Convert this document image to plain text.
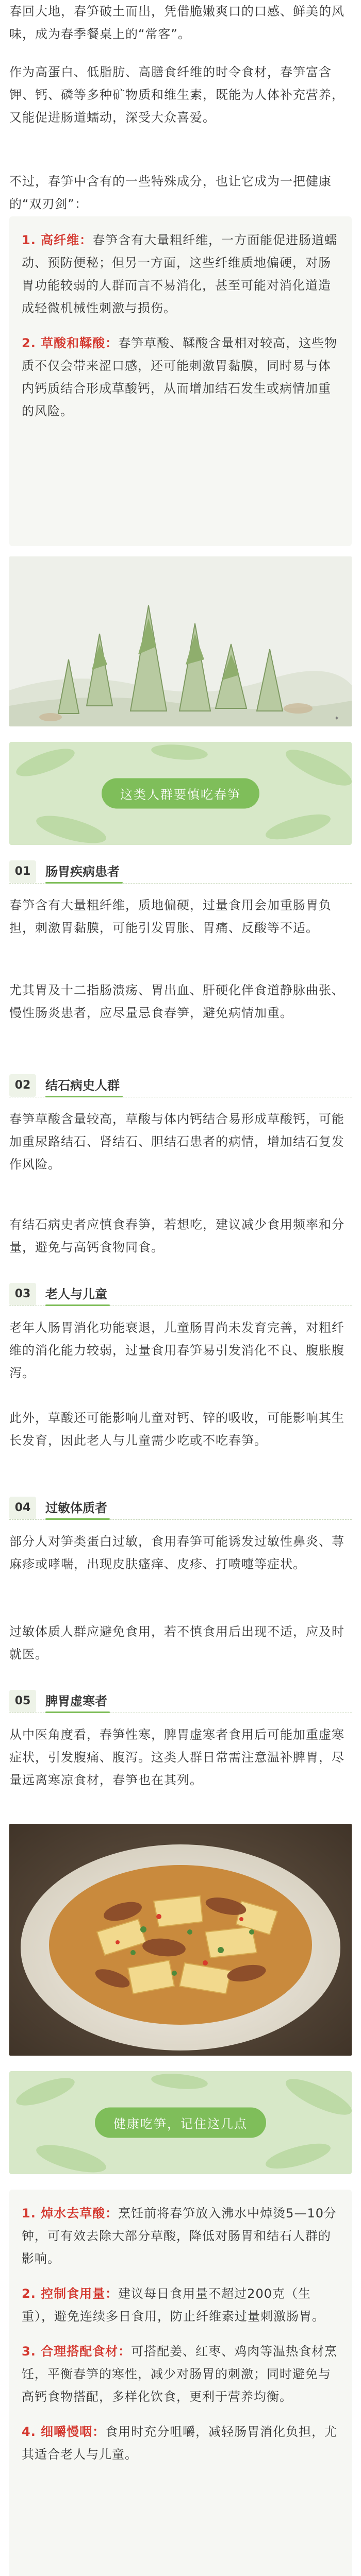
春回大地，春笋破土而出，凭借脆嫩爽口的口感、鲜美的风味，成为春季餐桌上的“常客”。

作为高蛋白、低脂肪、高膳食纤维的时令食材，春笋富含钾、钙、磷等多种矿物质和维生素，既能为人体补充营养，又能促进肠道蠕动，深受大众喜爱。

不过，春笋中含有的一些特殊成分，也让它成为一把健康的“双刃剑”：

1. 高纤维：春笋含有大量粗纤维，一方面能促进肠道蠕动、预防便秘；但另一方面，这些纤维质地偏硬，对肠胃功能较弱的人群而言不易消化，甚至可能对消化道造成轻微机械性刺激与损伤。

2. 草酸和鞣酸：春笋草酸、鞣酸含量相对较高，这些物质不仅会带来涩口感，还可能刺激胃黏膜，同时易与体内钙质结合形成草酸钙，从而增加结石发生或病情加重的风险。

✦
这类人群要慎吃春笋
01	肠胃疾病患者

春笋含有大量粗纤维，质地偏硬，过量食用会加重肠胃负担，刺激胃黏膜，可能引发胃胀、胃痛、反酸等不适。

尤其胃及十二指肠溃疡、胃出血、肝硬化伴食道静脉曲张、慢性肠炎患者，应尽量忌食春笋，避免病情加重。

02	结石病史人群

春笋草酸含量较高，草酸与体内钙结合易形成草酸钙，可能加重尿路结石、肾结石、胆结石患者的病情，增加结石复发作风险。

有结石病史者应慎食春笋，若想吃，建议减少食用频率和分量，避免与高钙食物同食。

03	老人与儿童

老年人肠胃消化功能衰退，儿童肠胃尚未发育完善，对粗纤维的消化能力较弱，过量食用春笋易引发消化不良、腹胀腹泻。

此外，草酸还可能影响儿童对钙、锌的吸收，可能影响其生长发育，因此老人与儿童需少吃或不吃春笋。

04	过敏体质者

部分人对笋类蛋白过敏，食用春笋可能诱发过敏性鼻炎、荨麻疹或哮喘，出现皮肤瘙痒、皮疹、打喷嚏等症状。

过敏体质人群应避免食用，若不慎食用后出现不适，应及时就医。

05	脾胃虚寒者

从中医角度看，春笋性寒，脾胃虚寒者食用后可能加重虚寒症状，引发腹痛、腹泻。这类人群日常需注意温补脾胃，尽量远离寒凉食材，春笋也在其列。

健康吃笋，记住这几点

1. 焯水去草酸：烹饪前将春笋放入沸水中焯烫5—10分钟，可有效去除大部分草酸，降低对肠胃和结石人群的影响。

2. 控制食用量：建议每日食用量不超过200克（生重），避免连续多日食用，防止纤维素过量刺激肠胃。

3. 合理搭配食材：可搭配姜、红枣、鸡肉等温热食材烹饪，平衡春笋的寒性，减少对肠胃的刺激；同时避免与高钙食物搭配，多样化饮食，更利于营养均衡。

4. 细嚼慢咽：食用时充分咀嚼，减轻肠胃消化负担，尤其适合老人与儿童。
